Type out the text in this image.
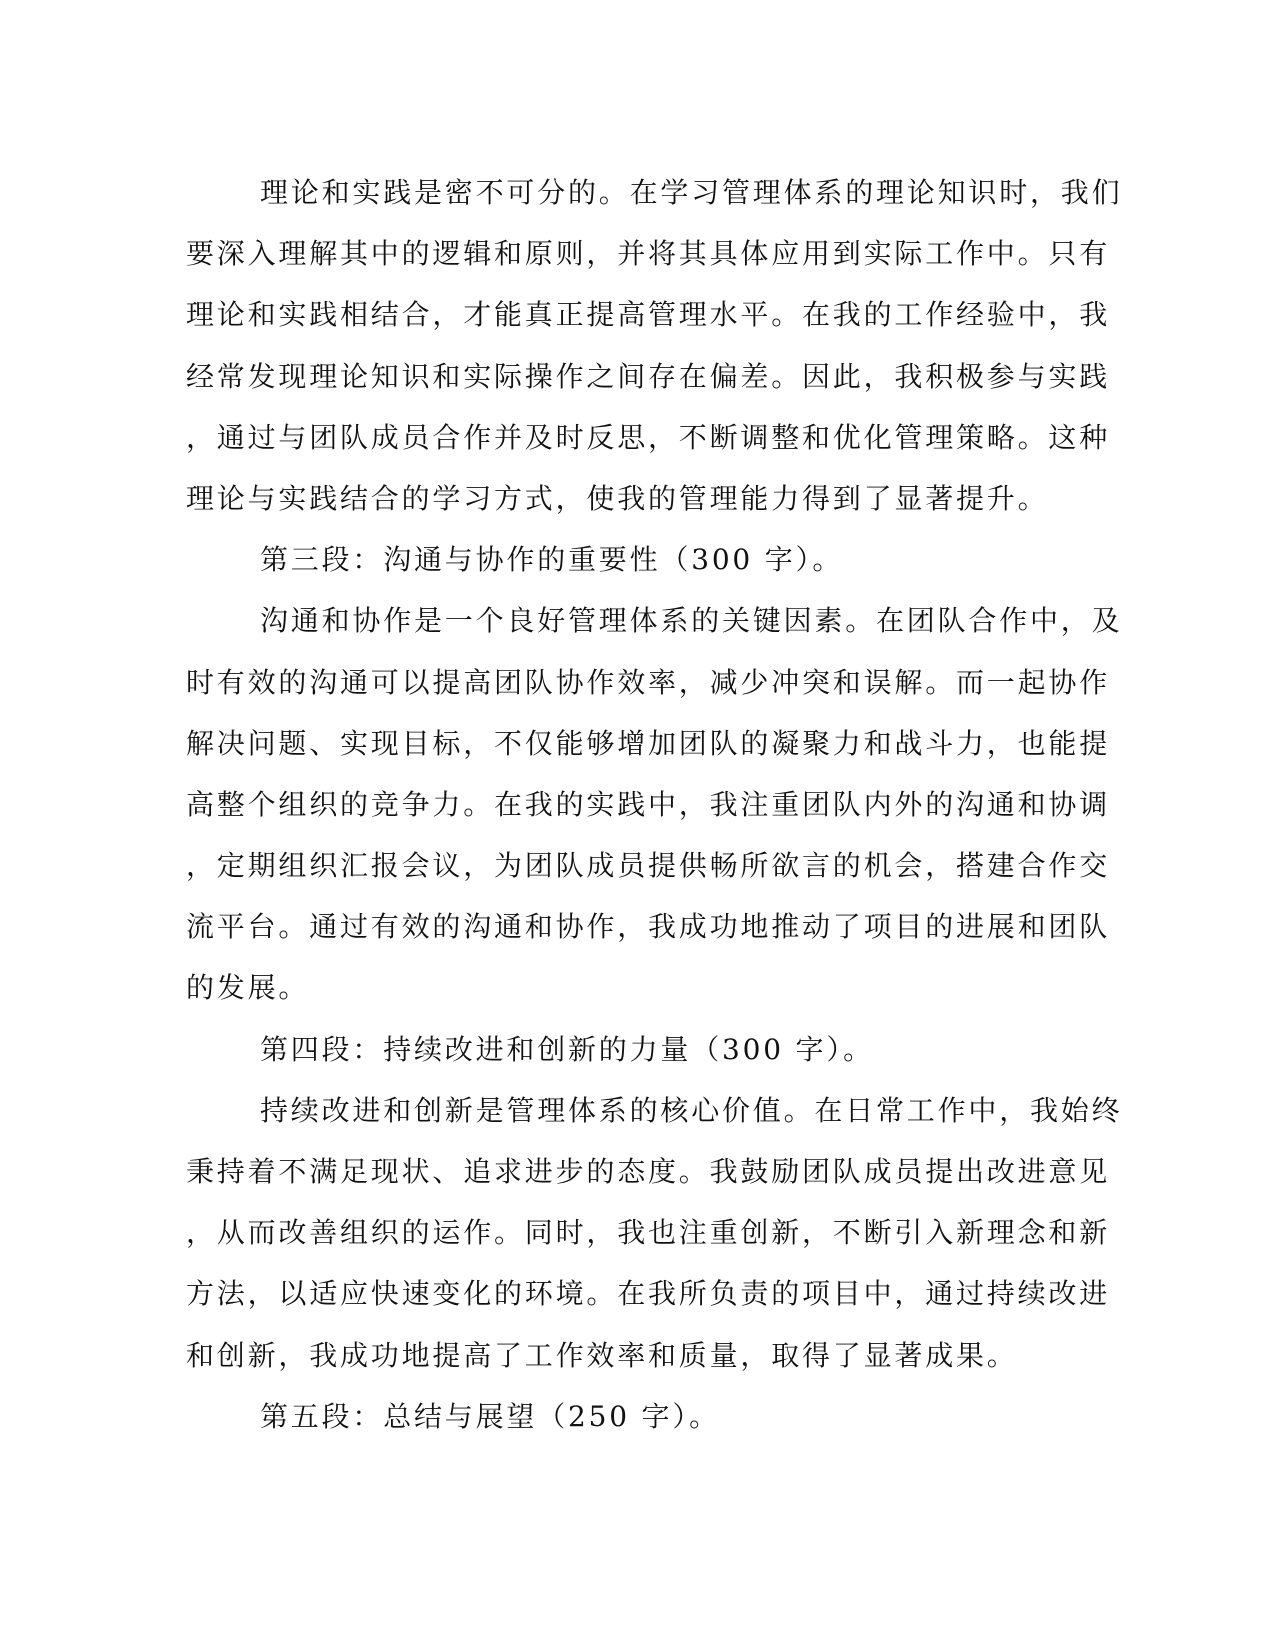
理论和实践是密不可分的。在学习管理体系的理论知识时，我们
要深入理解其中的逻辑和原则，并将其具体应用到实际工作中。只有
理论和实践相结合，才能真正提高管理水平。在我的工作经验中，我
经常发现理论知识和实际操作之间存在偏差。因此，我积极参与实践
，通过与团队成员合作并及时反思，不断调整和优化管理策略。这种
理论与实践结合的学习方式，使我的管理能力得到了显著提升。
第三段：沟通与协作的重要性（300 字）。
沟通和协作是一个良好管理体系的关键因素。在团队合作中，及
时有效的沟通可以提高团队协作效率，减少冲突和误解。而一起协作
解决问题、实现目标，不仅能够增加团队的凝聚力和战斗力，也能提
高整个组织的竞争力。在我的实践中，我注重团队内外的沟通和协调
，定期组织汇报会议，为团队成员提供畅所欲言的机会，搭建合作交
流平台。通过有效的沟通和协作，我成功地推动了项目的进展和团队
的发展。
第四段：持续改进和创新的力量（300 字）。
持续改进和创新是管理体系的核心价值。在日常工作中，我始终
秉持着不满足现状、追求进步的态度。我鼓励团队成员提出改进意见
，从而改善组织的运作。同时，我也注重创新，不断引入新理念和新
方法，以适应快速变化的环境。在我所负责的项目中，通过持续改进
和创新，我成功地提高了工作效率和质量，取得了显著成果。
第五段：总结与展望（250 字）。
